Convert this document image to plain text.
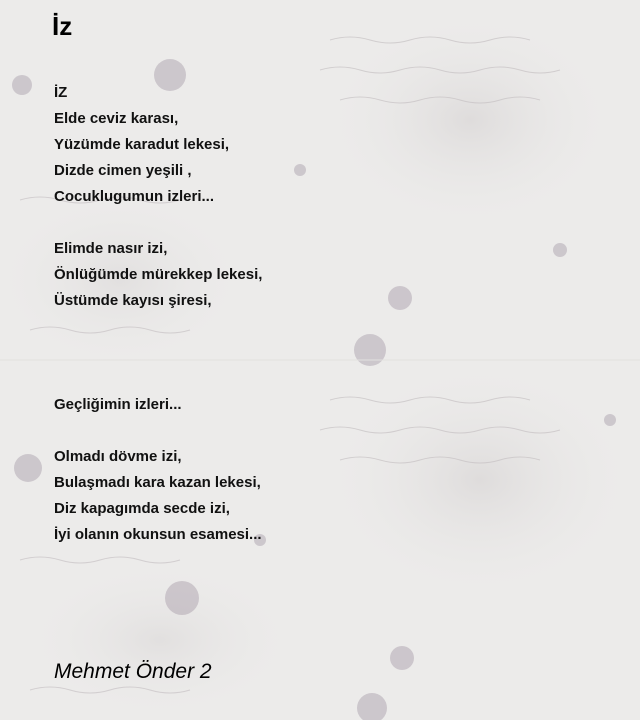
İz
İZ
Elde ceviz karası,
Yüzümde karadut lekesi,
Dizde cimen yeşili ,
Cocuklugumun izleri...
Elimde nasır izi,
Önlüğümde mürekkep lekesi,
Üstümde kayısı şiresi,
Geçliğimin izleri...
Olmadı dövme izi,
Bulaşmadı kara kazan lekesi,
Diz kapagımda secde izi,
İyi olanın okunsun esamesi...
Mehmet Önder 2
